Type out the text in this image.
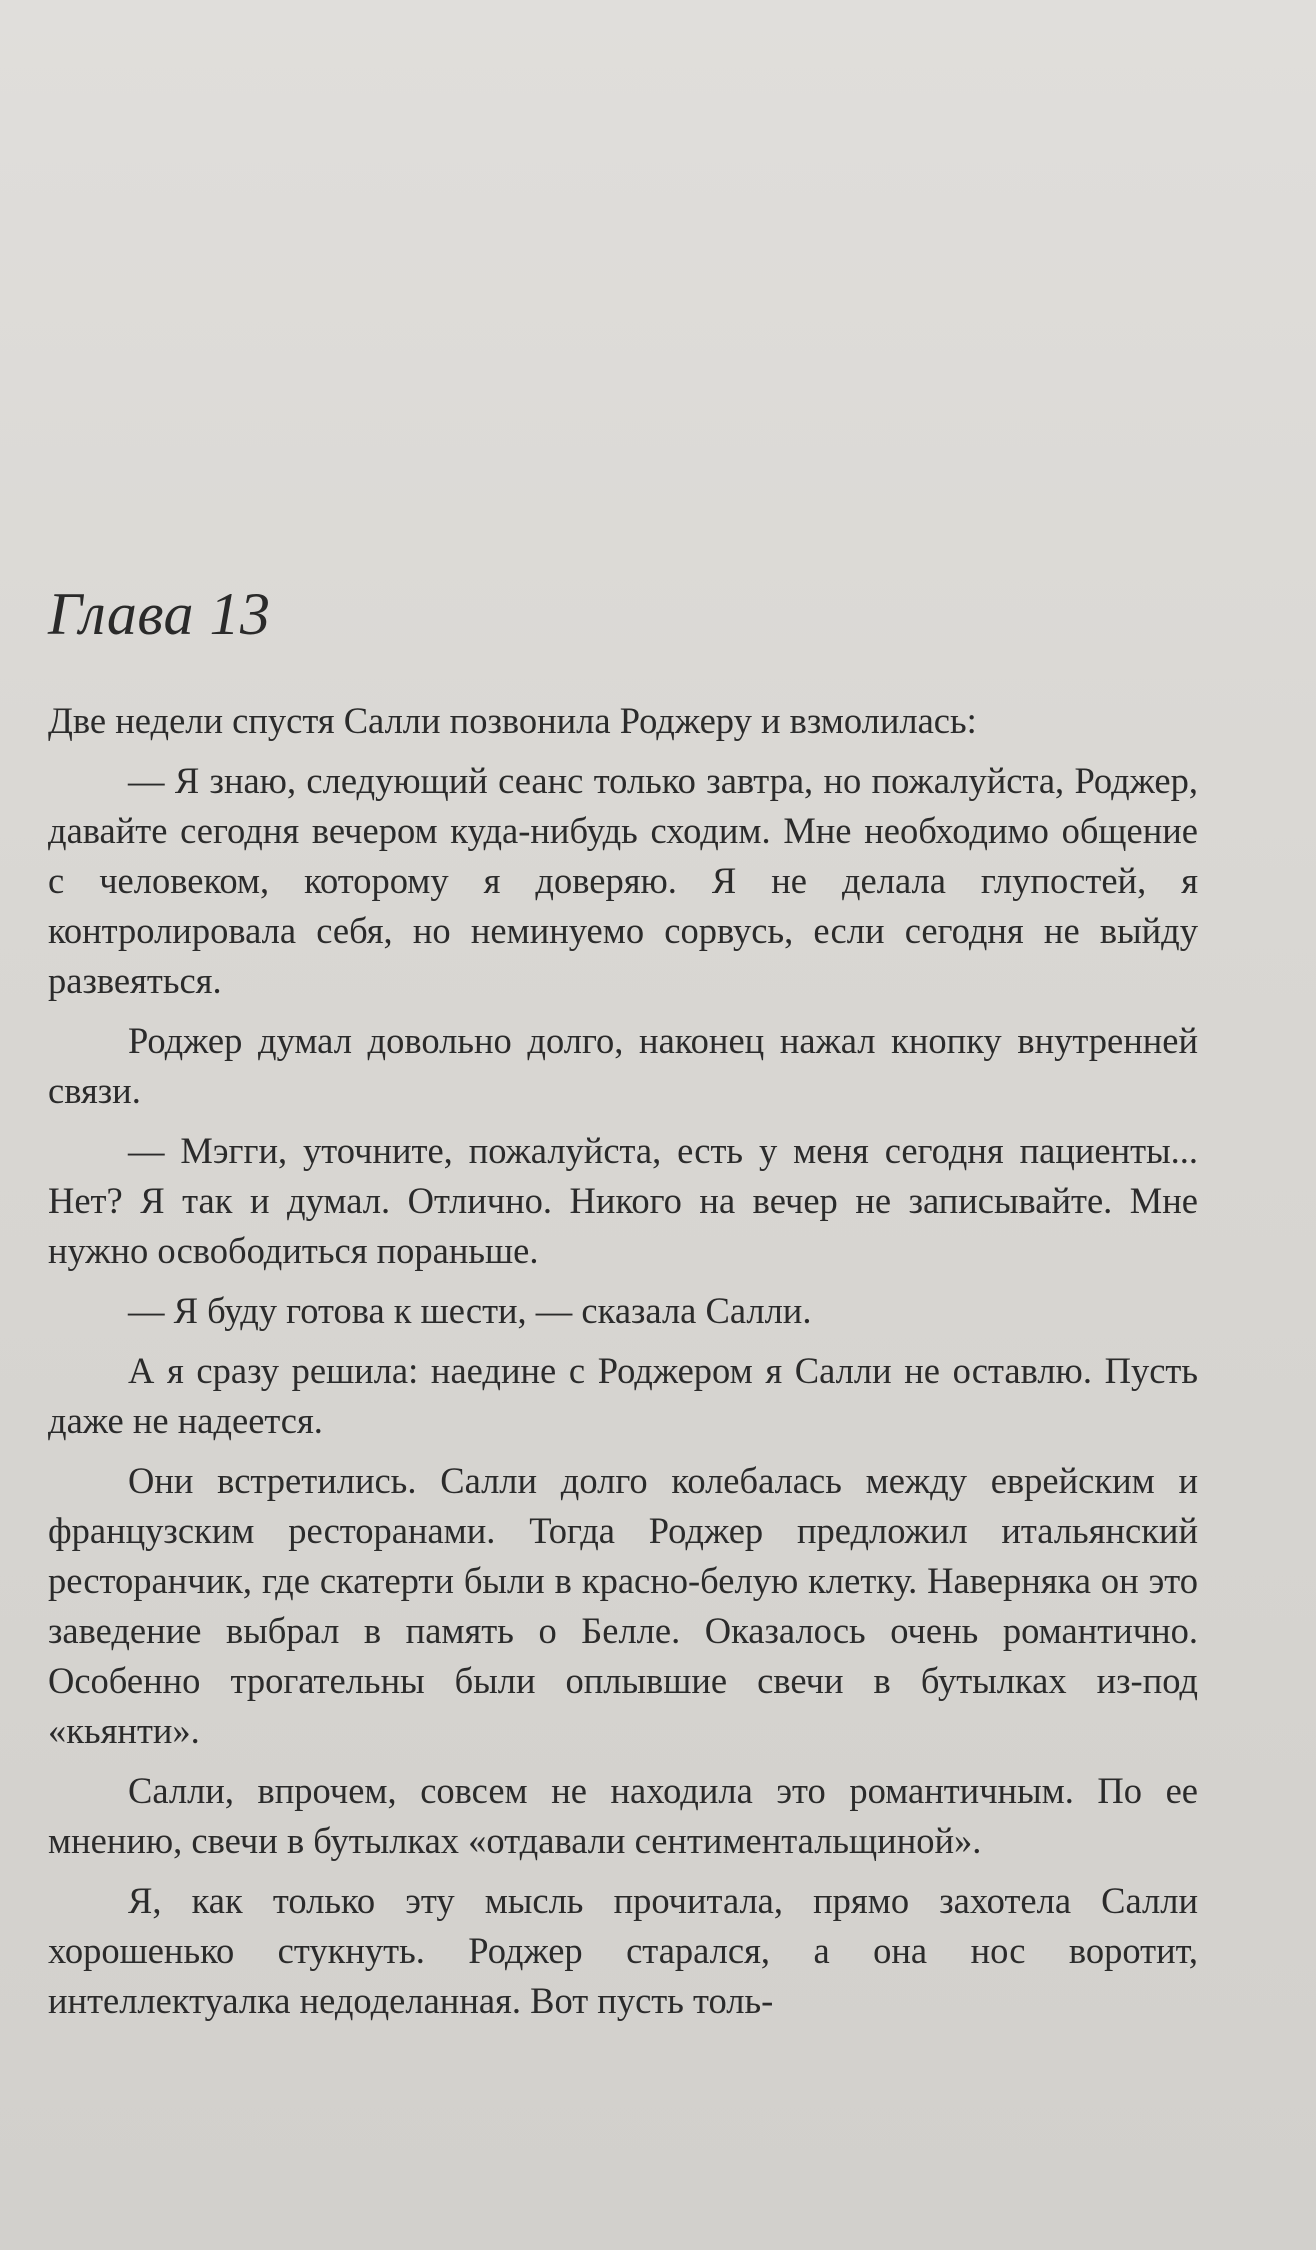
Глава 13

Две недели спустя Салли позвонила Роджеру и взмолилась:

— Я знаю, следующий сеанс только завтра, но пожалуйста, Роджер, давайте сегодня вечером куда-нибудь сходим. Мне необходимо общение с человеком, которому я доверяю. Я не делала глупостей, я контролировала себя, но неминуемо сорвусь, если сегодня не выйду развеяться.

Роджер думал довольно долго, наконец нажал кнопку внутренней связи.

— Мэгги, уточните, пожалуйста, есть у меня сегодня пациенты... Нет? Я так и думал. Отлично. Никого на вечер не записывайте. Мне нужно освободиться пораньше.

— Я буду готова к шести, — сказала Салли.

А я сразу решила: наедине с Роджером я Салли не оставлю. Пусть даже не надеется.

Они встретились. Салли долго колебалась между еврейским и французским ресторанами. Тогда Роджер предложил итальянский ресторанчик, где скатерти были в красно-белую клетку. Наверняка он это заведение выбрал в память о Белле. Оказалось очень романтично. Особенно трогательны были оплывшие свечи в бутылках из-под «кьянти».

Салли, впрочем, совсем не находила это романтичным. По ее мнению, свечи в бутылках «отдавали сентиментальщиной».

Я, как только эту мысль прочитала, прямо захотела Салли хорошенько стукнуть. Роджер старался, а она нос воротит, интеллектуалка недоделанная. Вот пусть толь-
